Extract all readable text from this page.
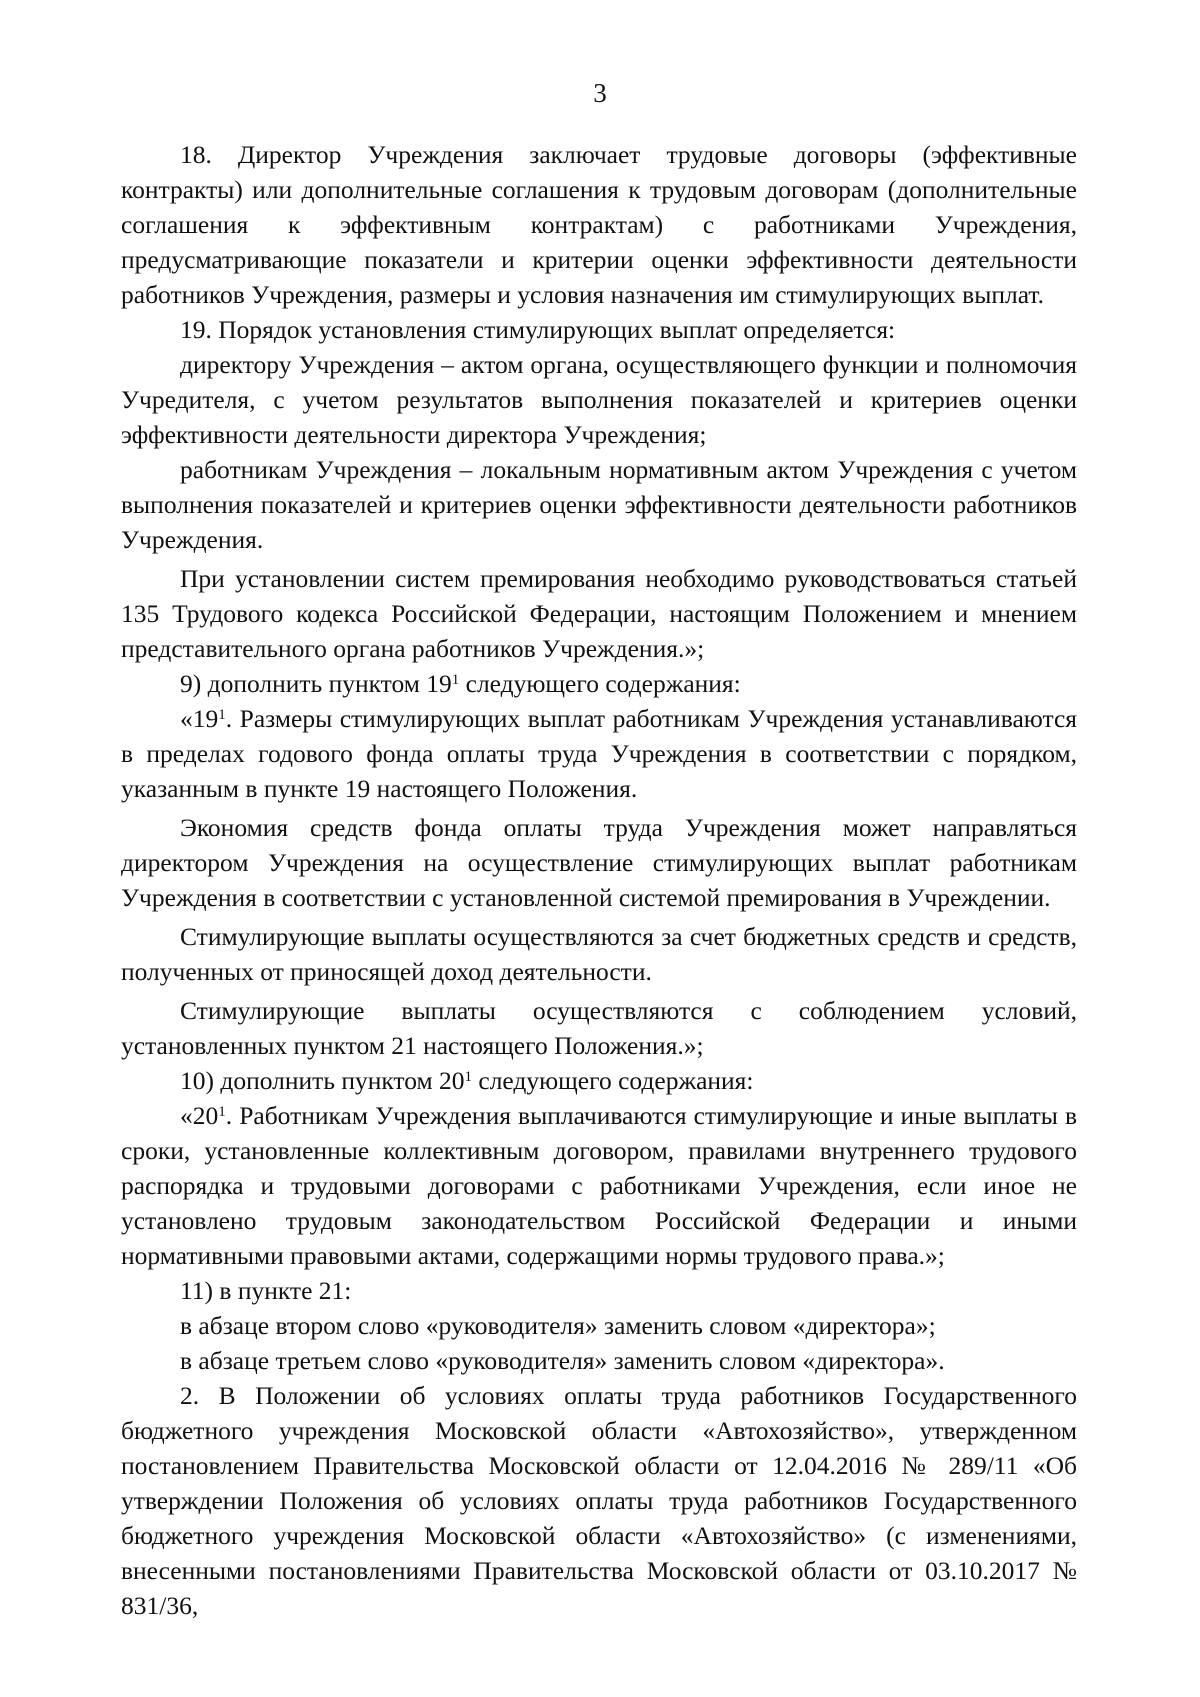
3

18. Директор Учреждения заключает трудовые договоры (эффективные контракты) или дополнительные соглашения к трудовым договорам (дополнительные соглашения к эффективным контрактам) с работниками Учреждения, предусматривающие показатели и критерии оценки эффективности деятельности работников Учреждения, размеры и условия назначения им стимулирующих выплат.

19. Порядок установления стимулирующих выплат определяется:

директору Учреждения – актом органа, осуществляющего функции и полномочия Учредителя, с учетом результатов выполнения показателей и критериев оценки эффективности деятельности директора Учреждения;

работникам Учреждения – локальным нормативным актом Учреждения с учетом выполнения показателей и критериев оценки эффективности деятельности работников Учреждения.

При установлении систем премирования необходимо руководствоваться статьей 135 Трудового кодекса Российской Федерации, настоящим Положением и мнением представительного органа работников Учреждения.»;

9) дополнить пунктом $19^1$ следующего содержания:

«$19^1$. Размеры стимулирующих выплат работникам Учреждения устанавливаются в пределах годового фонда оплаты труда Учреждения в соответствии с порядком, указанным в пункте 19 настоящего Положения.

Экономия средств фонда оплаты труда Учреждения может направляться директором Учреждения на осуществление стимулирующих выплат работникам Учреждения в соответствии с установленной системой премирования в Учреждении.

Стимулирующие выплаты осуществляются за счет бюджетных средств и средств, полученных от приносящей доход деятельности.

Стимулирующие выплаты осуществляются с соблюдением условий, установленных пунктом 21 настоящего Положения.»;

10) дополнить пунктом $20^1$ следующего содержания:

«$20^1$. Работникам Учреждения выплачиваются стимулирующие и иные выплаты в сроки, установленные коллективным договором, правилами внутреннего трудового распорядка и трудовыми договорами с работниками Учреждения, если иное не установлено трудовым законодательством Российской Федерации и иными нормативными правовыми актами, содержащими нормы трудового права.»;

11) в пункте 21:

в абзаце втором слово «руководителя» заменить словом «директора»;

в абзаце третьем слово «руководителя» заменить словом «директора».

2. В Положении об условиях оплаты труда работников Государственного бюджетного учреждения Московской области «Автохозяйство», утвержденном постановлением Правительства Московской области от 12.04.2016 № 289/11 «Об утверждении Положения об условиях оплаты труда работников Государственного бюджетного учреждения Московской области «Автохозяйство» (с изменениями, внесенными постановлениями Правительства Московской области от 03.10.2017 № 831/36,
